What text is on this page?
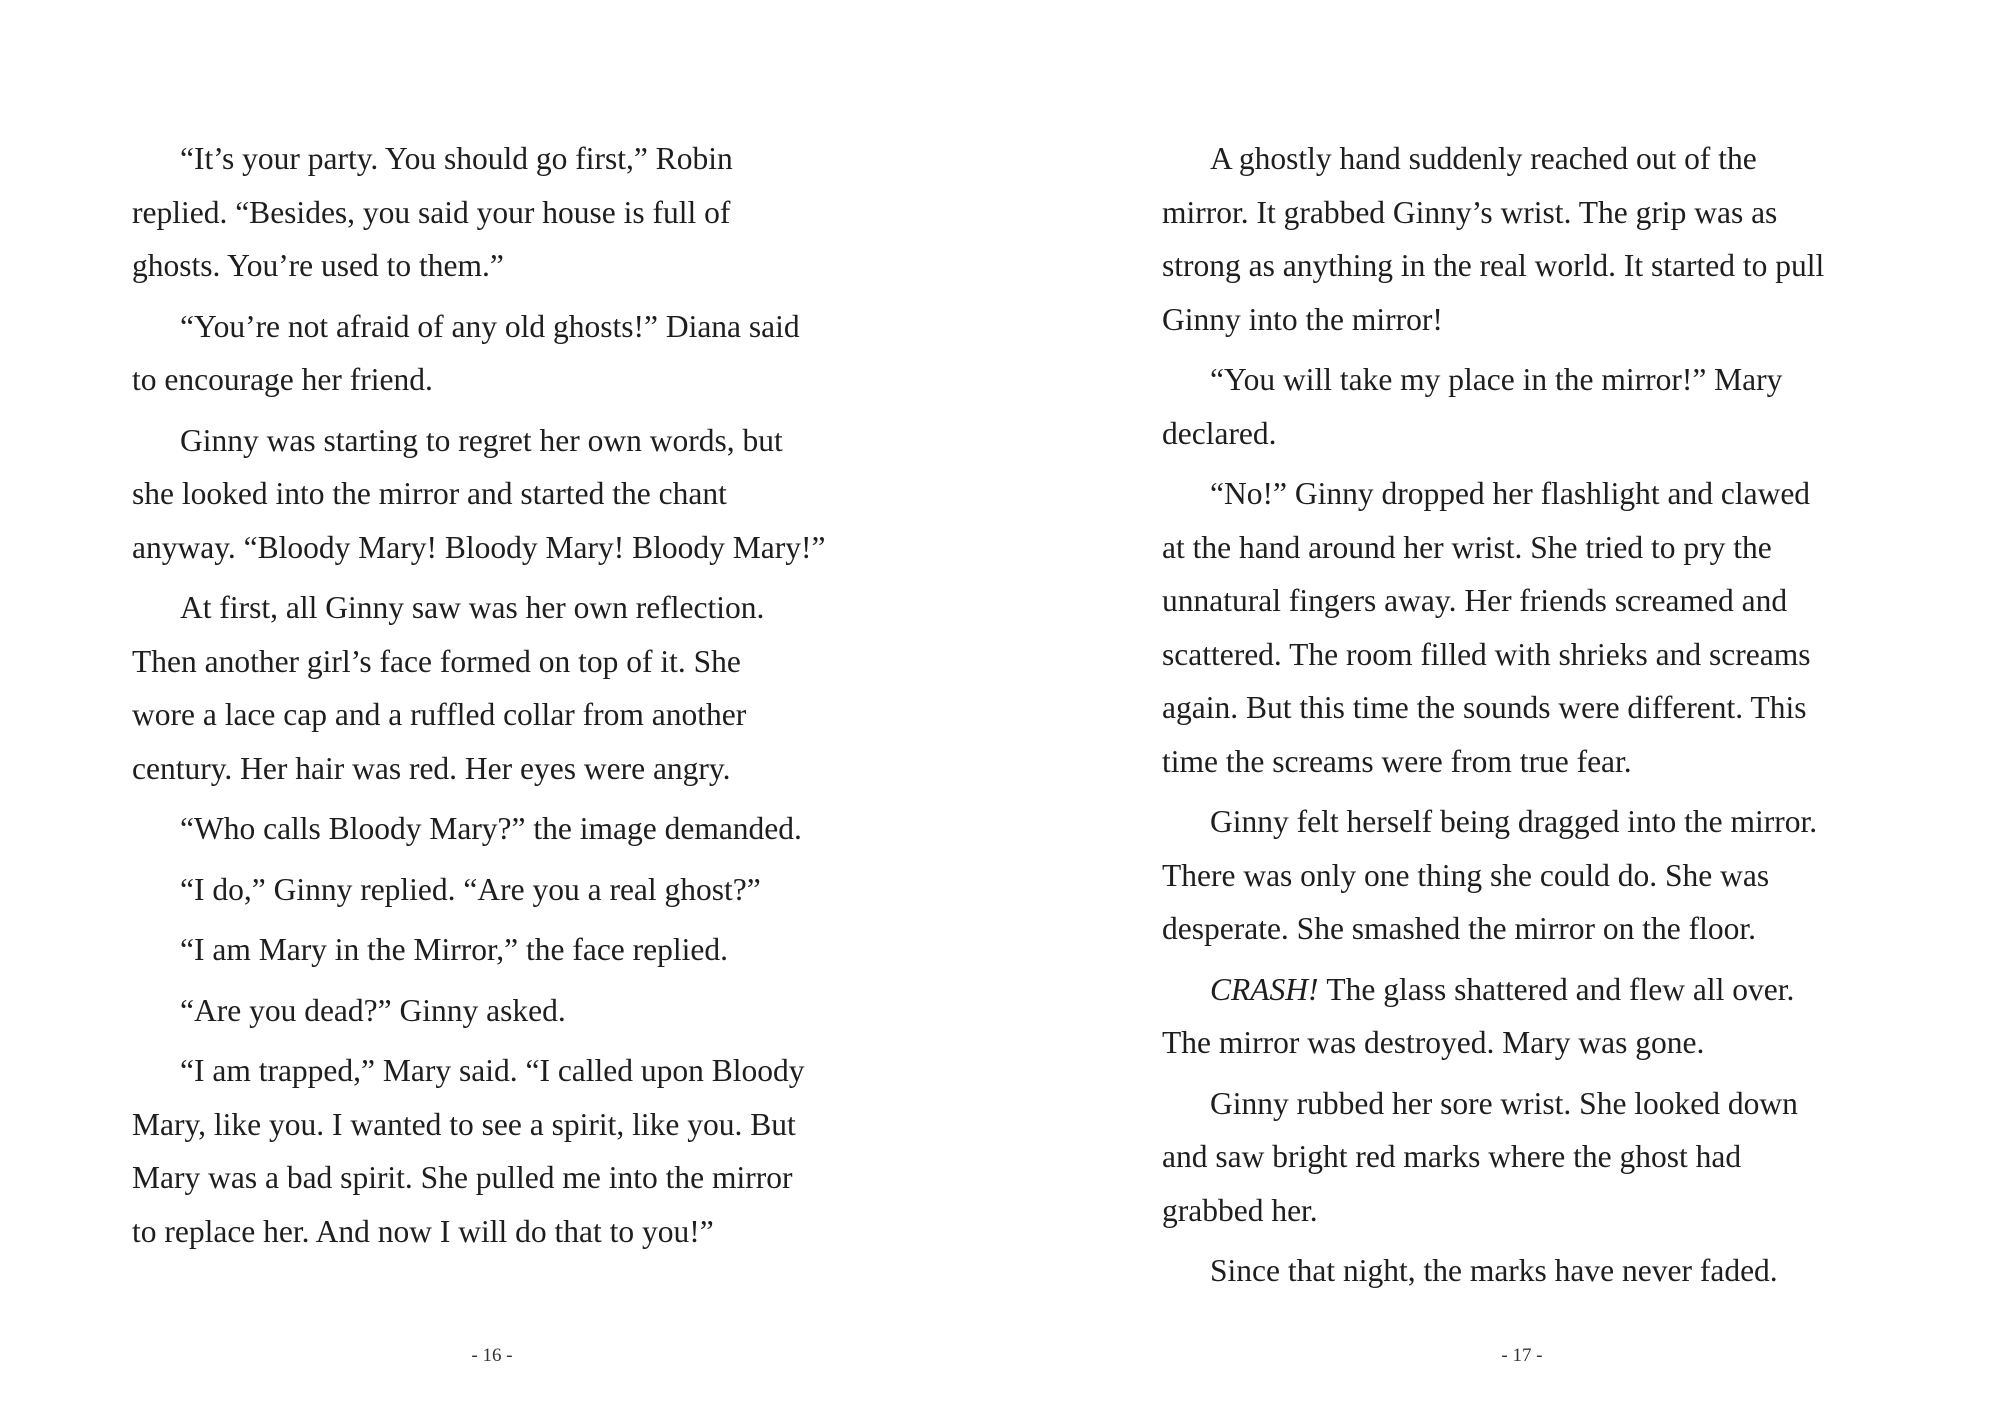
“It’s your party. You should go first,” Robin
replied. “Besides, you said your house is full of
ghosts. You’re used to them.”

“You’re not afraid of any old ghosts!” Diana said
to encourage her friend.

Ginny was starting to regret her own words, but
she looked into the mirror and started the chant
anyway. “Bloody Mary! Bloody Mary! Bloody Mary!”

At first, all Ginny saw was her own reflection.
Then another girl’s face formed on top of it. She
wore a lace cap and a ruffled collar from another
century. Her hair was red. Her eyes were angry.

“Who calls Bloody Mary?” the image demanded.

“I do,” Ginny replied. “Are you a real ghost?”

“I am Mary in the Mirror,” the face replied.

“Are you dead?” Ginny asked.

“I am trapped,” Mary said. “I called upon Bloody
Mary, like you. I wanted to see a spirit, like you. But
Mary was a bad spirit. She pulled me into the mirror
to replace her. And now I will do that to you!”

- 16 -

A ghostly hand suddenly reached out of the
mirror. It grabbed Ginny’s wrist. The grip was as
strong as anything in the real world. It started to pull
Ginny into the mirror!

“You will take my place in the mirror!” Mary
declared.

“No!” Ginny dropped her flashlight and clawed
at the hand around her wrist. She tried to pry the
unnatural fingers away. Her friends screamed and
scattered. The room filled with shrieks and screams
again. But this time the sounds were different. This
time the screams were from true fear.

Ginny felt herself being dragged into the mirror.
There was only one thing she could do. She was
desperate. She smashed the mirror on the floor.

CRASH! The glass shattered and flew all over.
The mirror was destroyed. Mary was gone.

Ginny rubbed her sore wrist. She looked down
and saw bright red marks where the ghost had
grabbed her.

Since that night, the marks have never faded.

- 17 -
